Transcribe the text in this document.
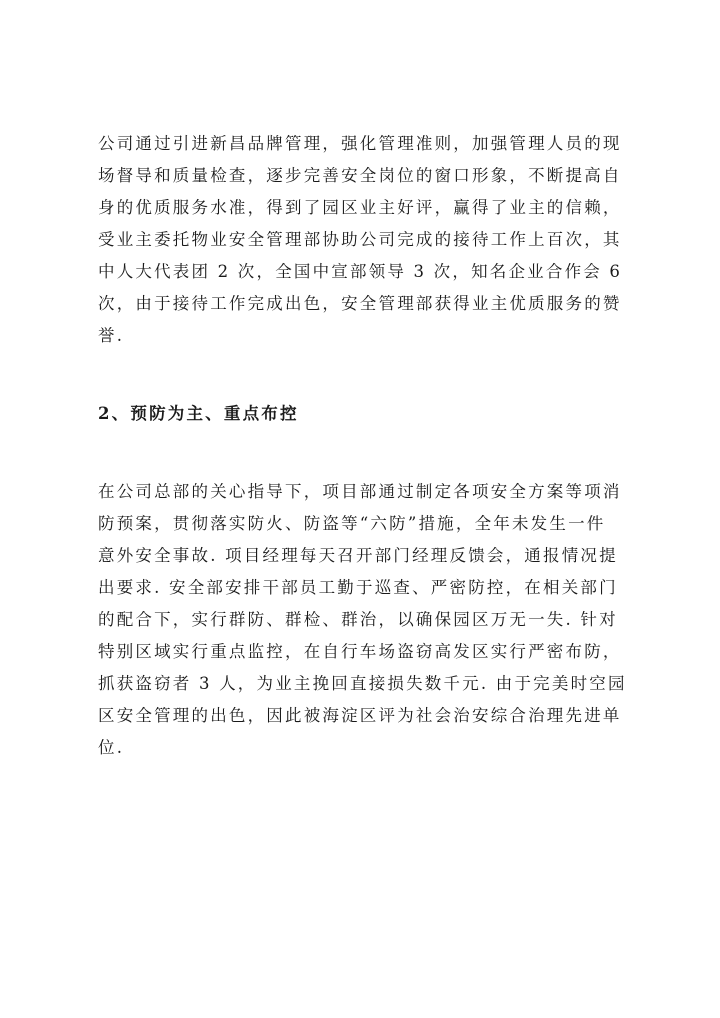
公司通过引进新昌品牌管理，强化管理准则，加强管理人员的现
场督导和质量检查，逐步完善安全岗位的窗口形象，不断提高自
身的优质服务水准，得到了园区业主好评，赢得了业主的信赖，
受业主委托物业安全管理部协助公司完成的接待工作上百次，其
中人大代表团 2 次，全国中宣部领导 3 次，知名企业合作会 6
次，由于接待工作完成出色，安全管理部获得业主优质服务的赞
誉.

2、预防为主、重点布控

在公司总部的关心指导下，项目部通过制定各项安全方案等项消
防预案，贯彻落实防火、防盗等“六防”措施，全年未发生一件
意外安全事故. 项目经理每天召开部门经理反馈会，通报情况提
出要求. 安全部安排干部员工勤于巡查、严密防控，在相关部门
的配合下，实行群防、群检、群治，以确保园区万无一失. 针对
特别区域实行重点监控，在自行车场盗窃高发区实行严密布防，
抓获盗窃者 3 人，为业主挽回直接损失数千元. 由于完美时空园
区安全管理的出色，因此被海淀区评为社会治安综合治理先进单
位.
